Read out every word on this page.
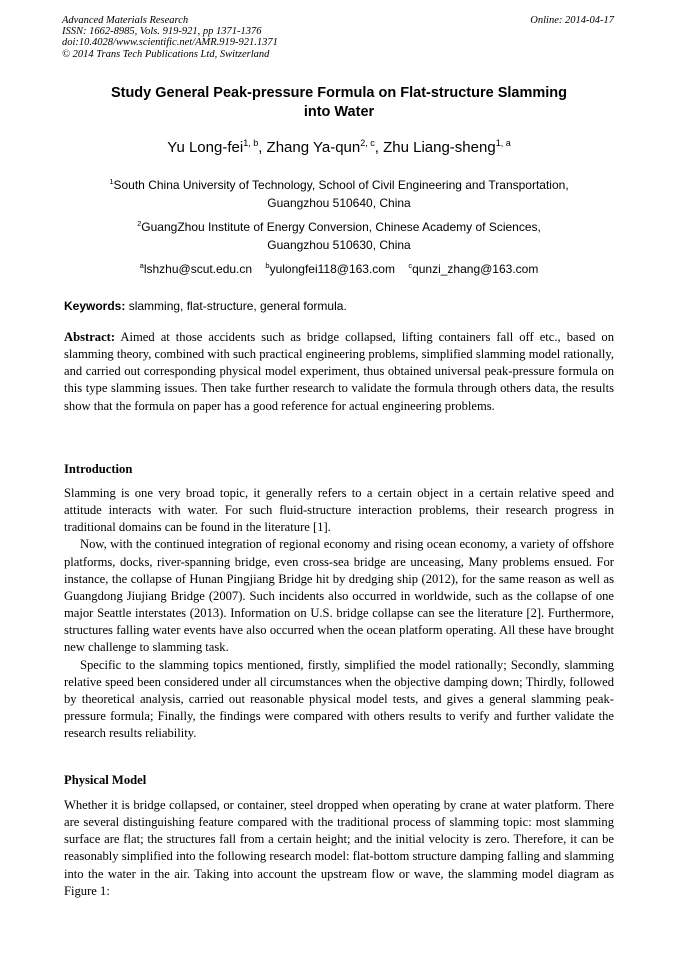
Advanced Materials Research
ISSN: 1662-8985, Vols. 919-921, pp 1371-1376
doi:10.4028/www.scientific.net/AMR.919-921.1371
© 2014 Trans Tech Publications Ltd, Switzerland
Online: 2014-04-17
Study General Peak-pressure Formula on Flat-structure Slamming
into Water
Yu Long-fei$^{1, b}$, Zhang Ya-qun$^{2, c}$, Zhu Liang-sheng$^{1, a}$
$^1$South China University of Technology, School of Civil Engineering and Transportation,
Guangzhou 510640, China
$^2$GuangZhou Institute of Energy Conversion, Chinese Academy of Sciences,
Guangzhou 510630, China
$^a$lshzhu@scut.edu.cn $^b$yulongfei118@163.com $^c$qunzi_zhang@163.com
Keywords: slamming, flat-structure, general formula.

Abstract: Aimed at those accidents such as bridge collapsed, lifting containers fall off etc., based on slamming theory, combined with such practical engineering problems, simplified slamming model rationally, and carried out corresponding physical model experiment, thus obtained universal peak-pressure formula on this type slamming issues. Then take further research to validate the formula through others data, the results show that the formula on paper has a good reference for actual engineering problems.

Introduction

Slamming is one very broad topic, it generally refers to a certain object in a certain relative speed and attitude interacts with water. For such fluid-structure interaction problems, their research progress in traditional domains can be found in the literature [1].

Now, with the continued integration of regional economy and rising ocean economy, a variety of offshore platforms, docks, river-spanning bridge, even cross-sea bridge are unceasing, Many problems ensued. For instance, the collapse of Hunan Pingjiang Bridge hit by dredging ship (2012), for the same reason as well as Guangdong Jiujiang Bridge (2007). Such incidents also occurred in worldwide, such as the collapse of one major Seattle interstates (2013). Information on U.S. bridge collapse can see the literature [2]. Furthermore, structures falling water events have also occurred when the ocean platform operating. All these have brought new challenge to slamming task.

Specific to the slamming topics mentioned, firstly, simplified the model rationally; Secondly, slamming relative speed been considered under all circumstances when the objective damping down; Thirdly, followed by theoretical analysis, carried out reasonable physical model tests, and gives a general slamming peak-pressure formula; Finally, the findings were compared with others results to verify and further validate the research results reliability.

Physical Model

Whether it is bridge collapsed, or container, steel dropped when operating by crane at water platform. There are several distinguishing feature compared with the traditional process of slamming topic: most slamming surface are flat; the structures fall from a certain height; and the initial velocity is zero. Therefore, it can be reasonably simplified into the following research model: flat-bottom structure damping falling and slamming into the water in the air. Taking into account the upstream flow or wave, the slamming model diagram as Figure 1:
